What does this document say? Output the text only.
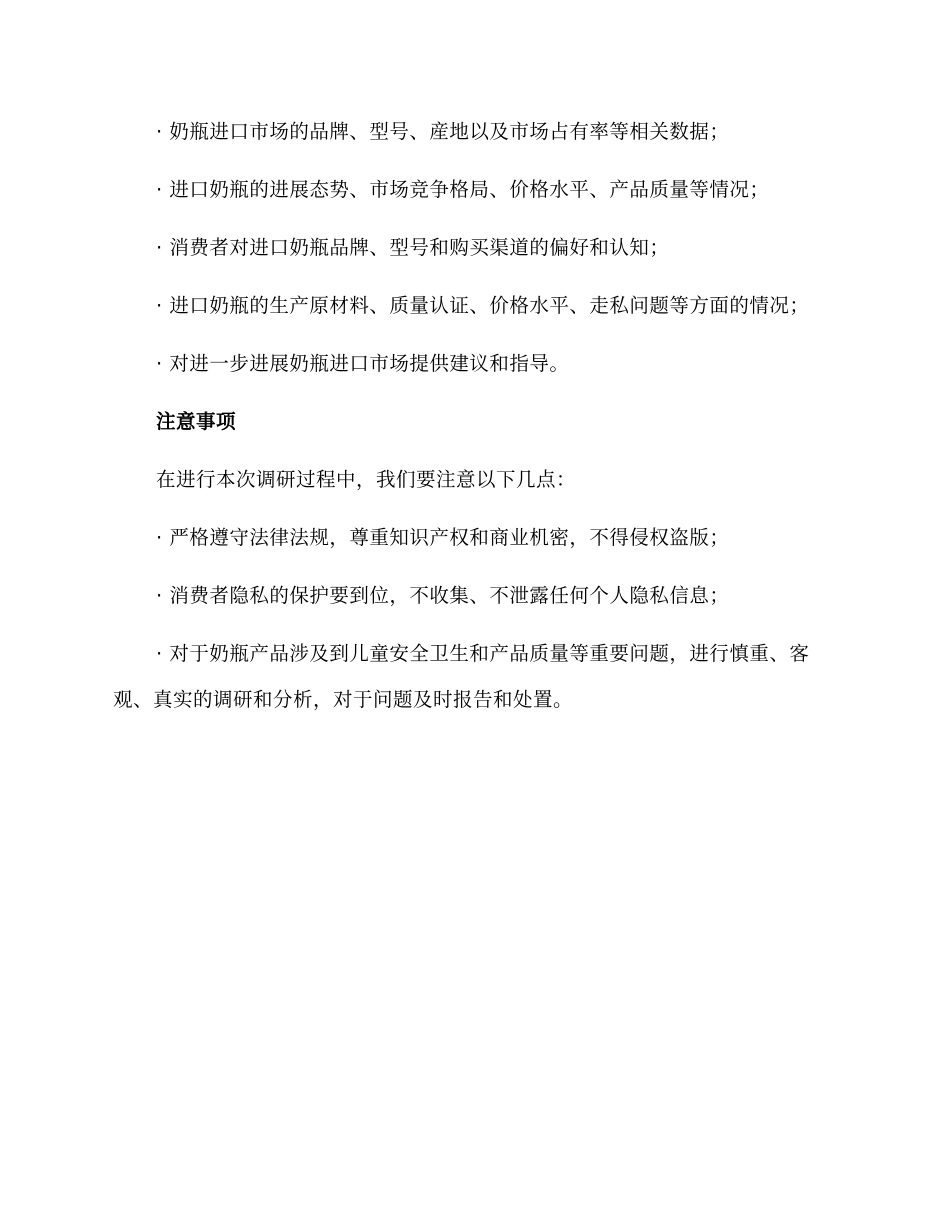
· 奶瓶进口市场的品牌、型号、産地以及市场占有率等相关数据；

· 进口奶瓶的进展态势、市场竞争格局、价格水平、产品质量等情况；

· 消费者对进口奶瓶品牌、型号和购买渠道的偏好和认知；

· 进口奶瓶的生产原材料、质量认证、价格水平、走私问题等方面的情况；

· 对进一步进展奶瓶进口市场提供建议和指导。

注意事项

在进行本次调研过程中，我们要注意以下几点：

· 严格遵守法律法规，尊重知识产权和商业机密，不得侵权盗版；

· 消费者隐私的保护要到位，不收集、不泄露任何个人隐私信息；

· 对于奶瓶产品涉及到儿童安全卫生和产品质量等重要问题，进行慎重、客观、真实的调研和分析，对于问题及时报告和处置。
